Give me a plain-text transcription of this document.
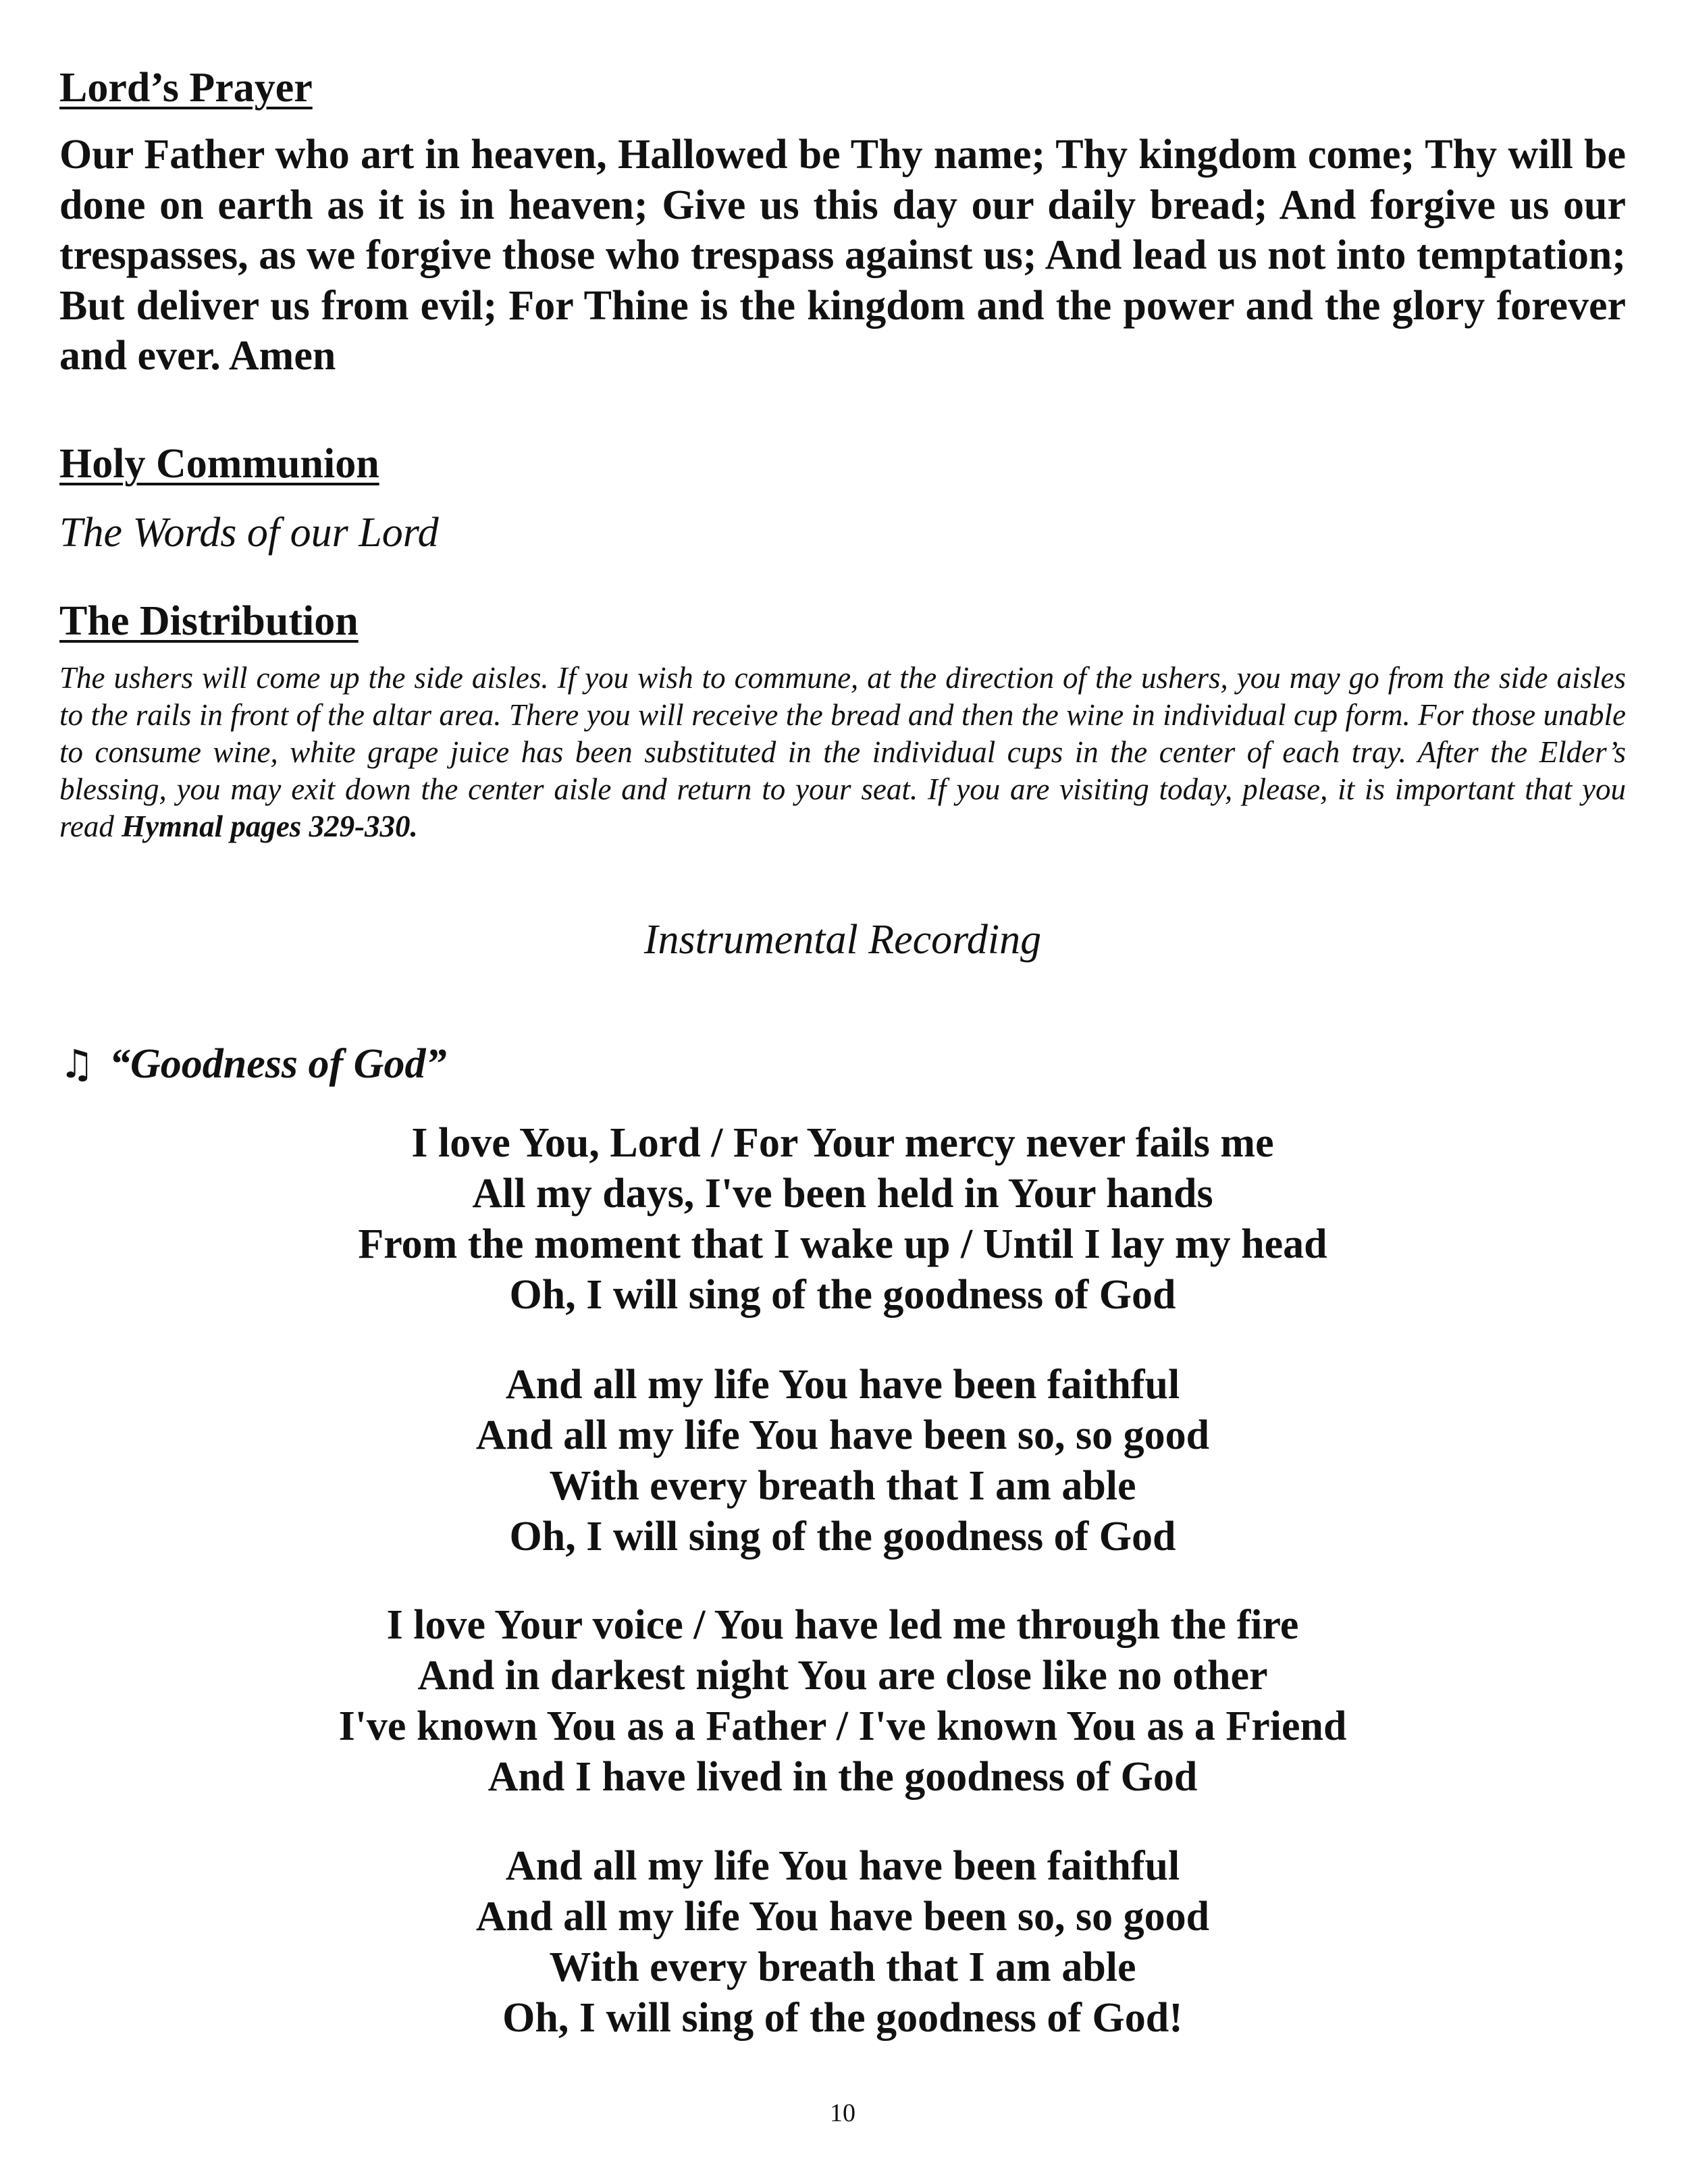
Lord’s Prayer

Our Father who art in heaven, Hallowed be Thy name; Thy kingdom come; Thy will be done on earth as it is in heaven; Give us this day our daily bread; And forgive us our trespasses, as we forgive those who trespass against us; And lead us not into temptation; But deliver us from evil; For Thine is the kingdom and the power and the glory forever and ever. Amen

Holy Communion

The Words of our Lord

The Distribution

The ushers will come up the side aisles. If you wish to commune, at the direction of the ushers, you may go from the side aisles to the rails in front of the altar area. There you will receive the bread and then the wine in individual cup form. For those unable to consume wine, white grape juice has been substituted in the individual cups in the center of each tray. After the Elder’s blessing, you may exit down the center aisle and return to your seat. If you are visiting today, please, it is important that you read Hymnal pages 329-330.

Instrumental Recording

♫ “Goodness of God”

I love You, Lord / For Your mercy never fails me
All my days, I've been held in Your hands
From the moment that I wake up / Until I lay my head
Oh, I will sing of the goodness of God
And all my life You have been faithful
And all my life You have been so, so good
With every breath that I am able
Oh, I will sing of the goodness of God
I love Your voice / You have led me through the fire
And in darkest night You are close like no other
I've known You as a Father / I've known You as a Friend
And I have lived in the goodness of God
And all my life You have been faithful
And all my life You have been so, so good
With every breath that I am able
Oh, I will sing of the goodness of God!

10
